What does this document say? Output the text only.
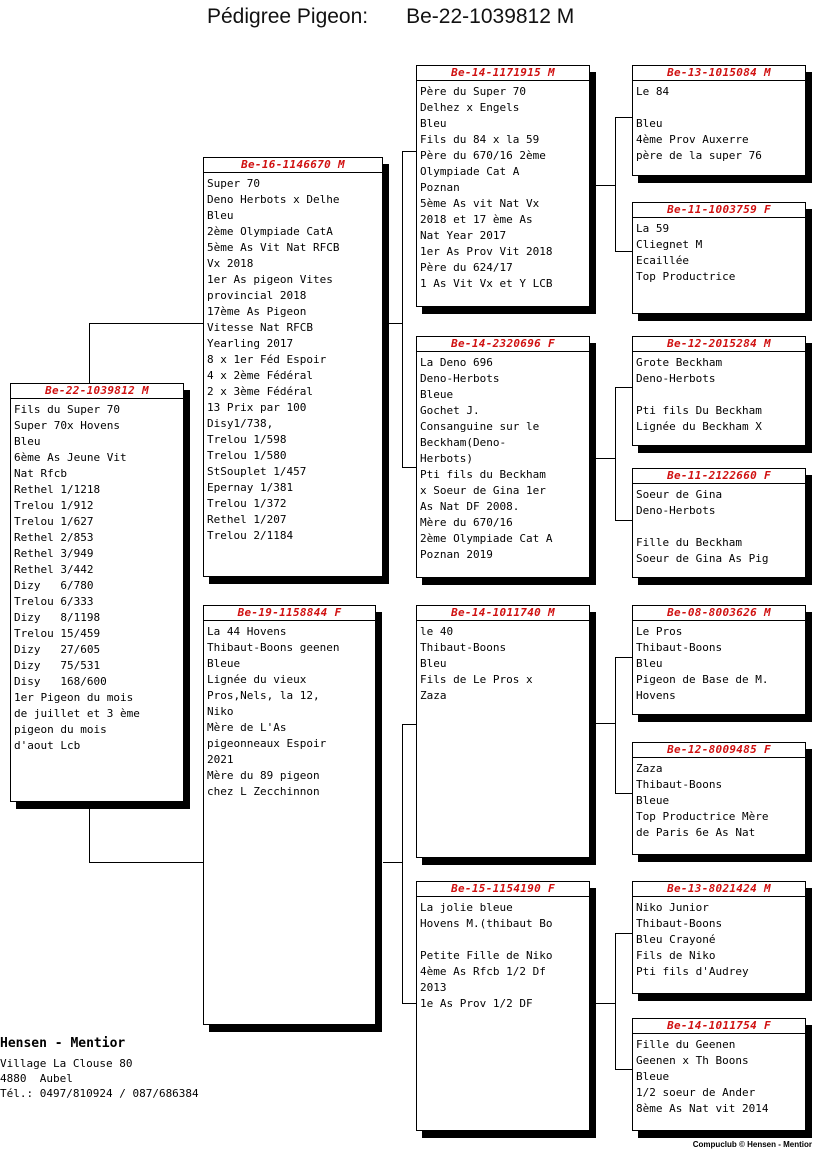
Pédigree Pigeon: Be-22-1039812 M
Be-22-1039812 M
Fils du Super 70
Super 70x Hovens
Bleu
6ème As Jeune Vit
Nat Rfcb
Rethel 1/1218
Trelou 1/912
Trelou 1/627
Rethel 2/853
Rethel 3/949
Rethel 3/442
Dizy   6/780
Trelou 6/333
Dizy   8/1198
Trelou 15/459
Dizy   27/605
Dizy   75/531
Disy   168/600
1er Pigeon du mois
de juillet et 3 ème
pigeon du mois
d'aout Lcb
Be-16-1146670 M
Super 70
Deno Herbots x Delhe
Bleu
2ème Olympiade CatA
5ème As Vit Nat RFCB
Vx 2018
1er As pigeon Vites
provincial 2018
17ème As Pigeon
Vitesse Nat RFCB
Yearling 2017
8 x 1er Féd Espoir
4 x 2ème Fédéral
2 x 3ème Fédéral
13 Prix par 100
Disy1/738,
Trelou 1/598
Trelou 1/580
StSouplet 1/457
Epernay 1/381
Trelou 1/372
Rethel 1/207
Trelou 2/1184
Be-19-1158844 F
La 44 Hovens
Thibaut-Boons geenen
Bleue
Lignée du vieux
Pros,Nels, la 12,
Niko
Mère de L'As
pigeonneaux Espoir
2021
Mère du 89 pigeon
chez L Zecchinnon
Be-14-1171915 M
Père du Super 70
Delhez x Engels
Bleu
Fils du 84 x la 59
Père du 670/16 2ème
Olympiade Cat A
Poznan
5ème As vit Nat Vx
2018 et 17 ème As
Nat Year 2017
1er As Prov Vit 2018
Père du 624/17
1 As Vit Vx et Y LCB
Be-14-2320696 F
La Deno 696
Deno-Herbots
Bleue
Gochet J.
Consanguine sur le
Beckham(Deno-
Herbots)
Pti fils du Beckham
x Soeur de Gina 1er
As Nat DF 2008.
Mère du 670/16
2ème Olympiade Cat A
Poznan 2019
Be-14-1011740 M
le 40
Thibaut-Boons
Bleu
Fils de Le Pros x
Zaza
Be-15-1154190 F
La jolie bleue
Hovens M.(thibaut Bo
Petite Fille de Niko
4ème As Rfcb 1/2 Df
2013
1e As Prov 1/2 DF
Be-13-1015084 M
Le 84
Bleu
4ème Prov Auxerre
père de la super 76
Be-11-1003759 F
La 59
Cliegnet M
Ecaillée
Top Productrice
Be-12-2015284 M
Grote Beckham
Deno-Herbots
Pti fils Du Beckham
Lignée du Beckham X
Be-11-2122660 F
Soeur de Gina
Deno-Herbots
Fille du Beckham
Soeur de Gina As Pig
Be-08-8003626 M
Le Pros
Thibaut-Boons
Bleu
Pigeon de Base de M.
Hovens
Be-12-8009485 F
Zaza
Thibaut-Boons
Bleue
Top Productrice Mère
de Paris 6e As Nat
Be-13-8021424 M
Niko Junior
Thibaut-Boons
Bleu Crayoné
Fils de Niko
Pti fils d'Audrey
Be-14-1011754 F
Fille du Geenen
Geenen x Th Boons
Bleue
1/2 soeur de Ander
8ème As Nat vit 2014
Hensen - Mentior
Village La Clouse 80
4880  Aubel
Tél.: 0497/810924 / 087/686384
Compuclub © Hensen - Mentior
